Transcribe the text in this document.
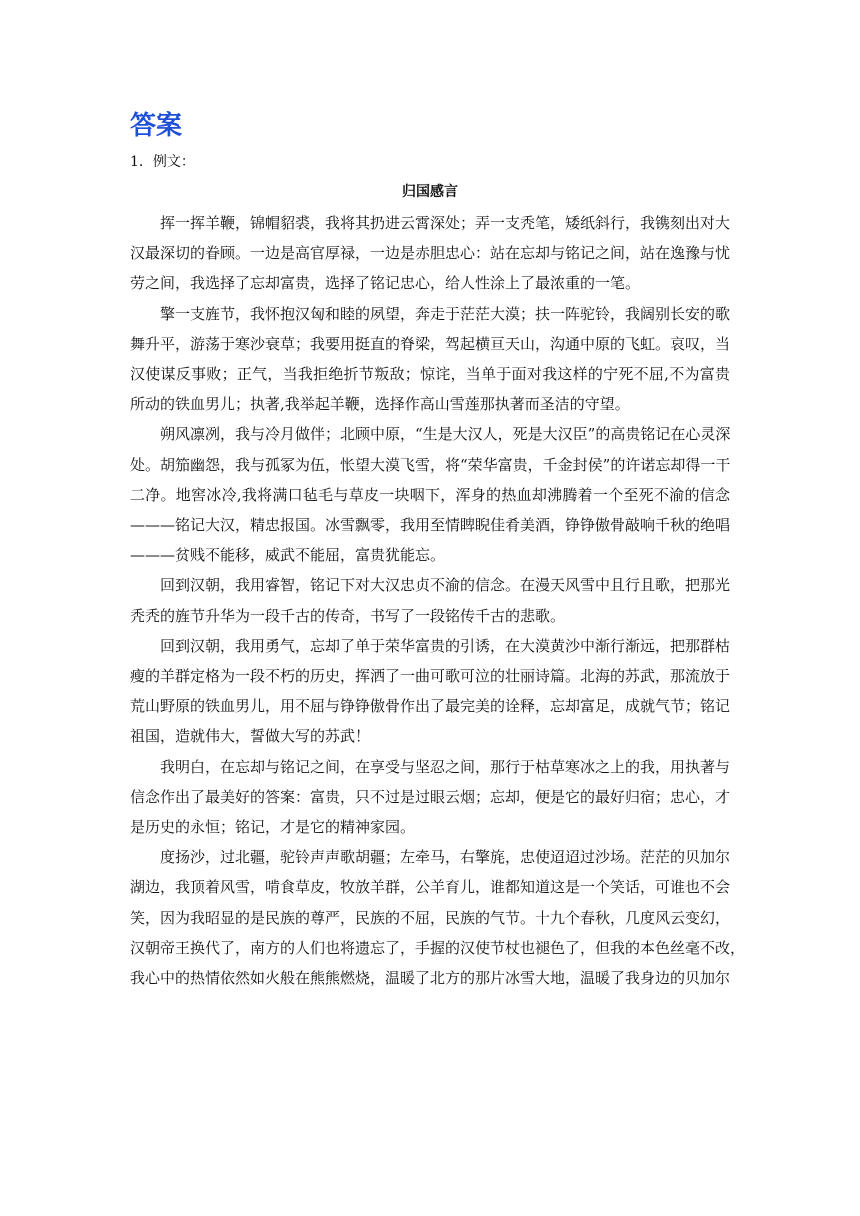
答案

1．例文：

归国感言

挥一挥羊鞭，锦帽貂裘，我将其扔进云霄深处；弄一支秃笔，矮纸斜行，我镌刻出对大
汉最深切的眷顾。一边是高官厚禄，一边是赤胆忠心：站在忘却与铭记之间，站在逸豫与忧
劳之间，我选择了忘却富贵，选择了铭记忠心，给人性涂上了最浓重的一笔。

擎一支旌节，我怀抱汉匈和睦的夙望，奔走于茫茫大漠；扶一阵驼铃，我阔别长安的歌
舞升平，游荡于寒沙衰草；我要用挺直的脊梁，驾起横亘天山，沟通中原的飞虹。哀叹，当
汉使谋反事败；正气，当我拒绝折节叛敌；惊诧，当单于面对我这样的宁死不屈,不为富贵
所动的铁血男儿；执著,我举起羊鞭，选择作高山雪莲那执著而圣洁的守望。

朔风凛冽，我与冷月做伴；北顾中原，“生是大汉人，死是大汉臣”的高贵铭记在心灵深
处。胡笳幽怨，我与孤冢为伍，怅望大漠飞雪，将“荣华富贵，千金封侯”的许诺忘却得一干
二净。地窖冰冷,我将满口毡毛与草皮一块咽下，浑身的热血却沸腾着一个至死不渝的信念
———铭记大汉，精忠报国。冰雪飘零，我用至情睥睨佳肴美酒，铮铮傲骨敲响千秋的绝唱
———贫贱不能移，威武不能屈，富贵犹能忘。

回到汉朝，我用睿智，铭记下对大汉忠贞不渝的信念。在漫天风雪中且行且歌，把那光
秃秃的旌节升华为一段千古的传奇，书写了一段铭传千古的悲歌。

回到汉朝，我用勇气，忘却了单于荣华富贵的引诱，在大漠黄沙中渐行渐远，把那群枯
瘦的羊群定格为一段不朽的历史，挥洒了一曲可歌可泣的壮丽诗篇。北海的苏武，那流放于
荒山野原的铁血男儿，用不屈与铮铮傲骨作出了最完美的诠释，忘却富足，成就气节；铭记
祖国，造就伟大，誓做大写的苏武！

我明白，在忘却与铭记之间，在享受与坚忍之间，那行于枯草寒冰之上的我，用执著与
信念作出了最美好的答案：富贵，只不过是过眼云烟；忘却，便是它的最好归宿；忠心，才
是历史的永恒；铭记，才是它的精神家园。

度扬沙，过北疆，驼铃声声歌胡疆；左牵马，右擎旄，忠使迢迢过沙场。茫茫的贝加尔
湖边，我顶着风雪，啃食草皮，牧放羊群，公羊育儿，谁都知道这是一个笑话，可谁也不会
笑，因为我昭显的是民族的尊严，民族的不屈，民族的气节。十九个春秋，几度风云变幻，
汉朝帝王换代了，南方的人们也将遗忘了，手握的汉使节杖也褪色了，但我的本色丝毫不改，
我心中的热情依然如火般在熊熊燃烧，温暖了北方的那片冰雪大地，温暖了我身边的贝加尔
